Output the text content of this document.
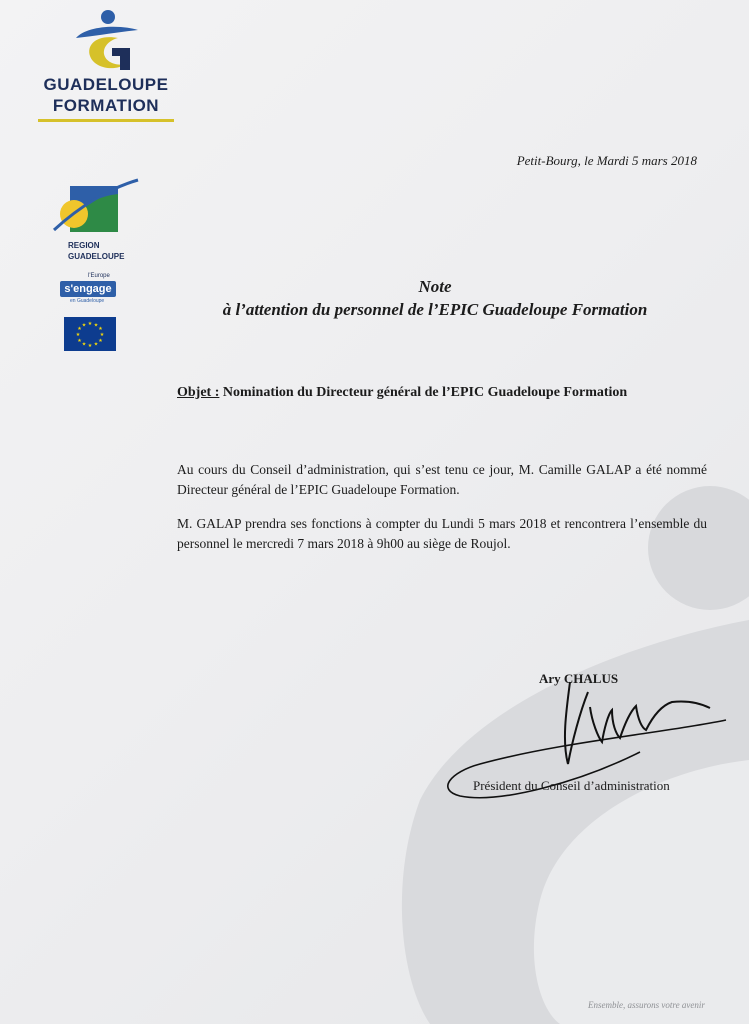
GUADELOUPE
FORMATION
REGION
GUADELOUPE
l'Europe
s'engage
en Guadeloupe
★ ★
★
★
★
★
★
★
★
★
★
★
Petit-Bourg, le Mardi 5 mars 2018
Note
à l’attention du personnel de l’EPIC Guadeloupe Formation
Objet : Nomination du Directeur général de l’EPIC Guadeloupe Formation
Au cours du Conseil d’administration, qui s’est tenu ce jour, M. Camille GALAP a été nommé Directeur général de l’EPIC Guadeloupe Formation.
M. GALAP prendra ses fonctions à compter du Lundi 5 mars 2018 et rencontrera l’ensemble du personnel le mercredi 7 mars 2018 à 9h00 au siège de Roujol.
Ary CHALUS
Président du Conseil d’administration
Ensemble, assurons votre avenir
